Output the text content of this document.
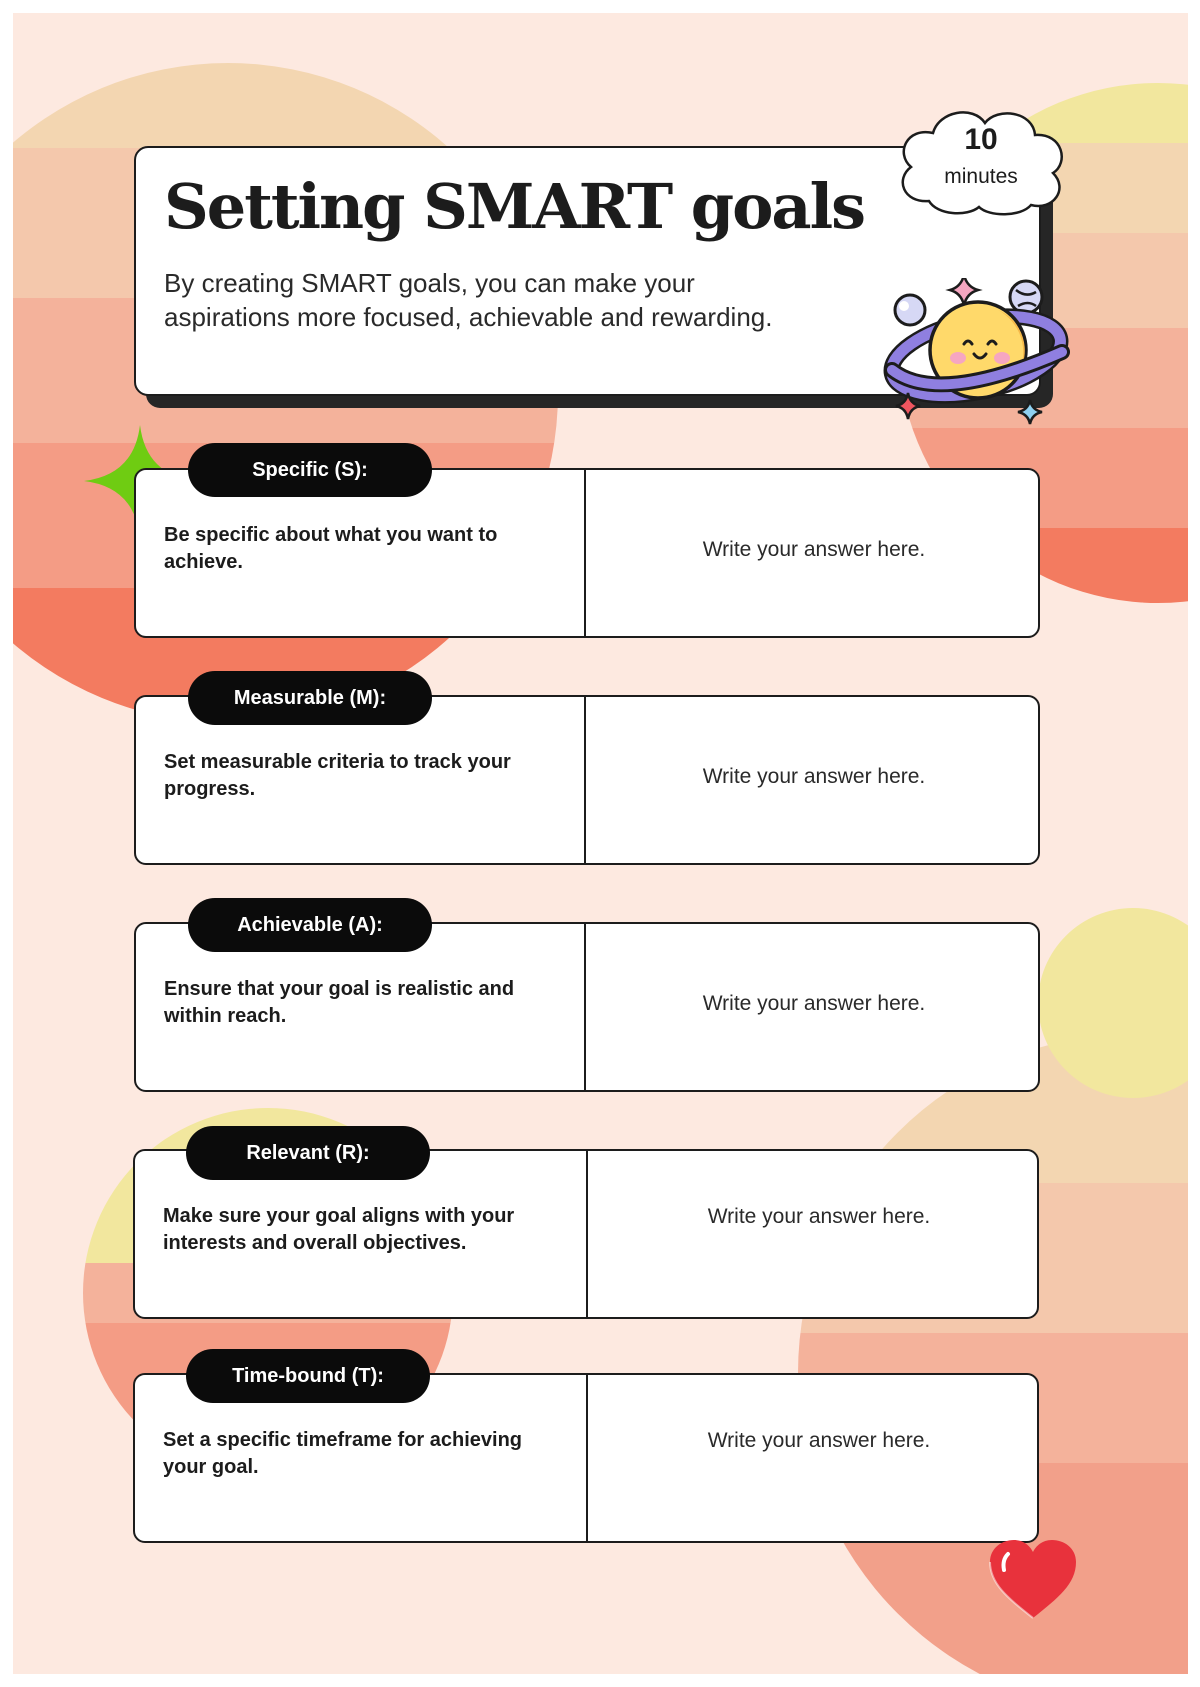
Setting SMART goals

By creating SMART goals, you can make your aspirations more focused, achievable and rewarding.

10
minutes

Be specific about what you want to achieve.

Write your answer here.
Specific (S):

Set measurable criteria to track your progress.

Write your answer here.
Measurable (M):

Ensure that your goal is realistic and within reach.

Write your answer here.
Achievable (A):

Make sure your goal aligns with your interests and overall objectives.

Write your answer here.
Relevant (R):

Set a specific timeframe for achieving your goal.

Write your answer here.
Time-bound (T):
